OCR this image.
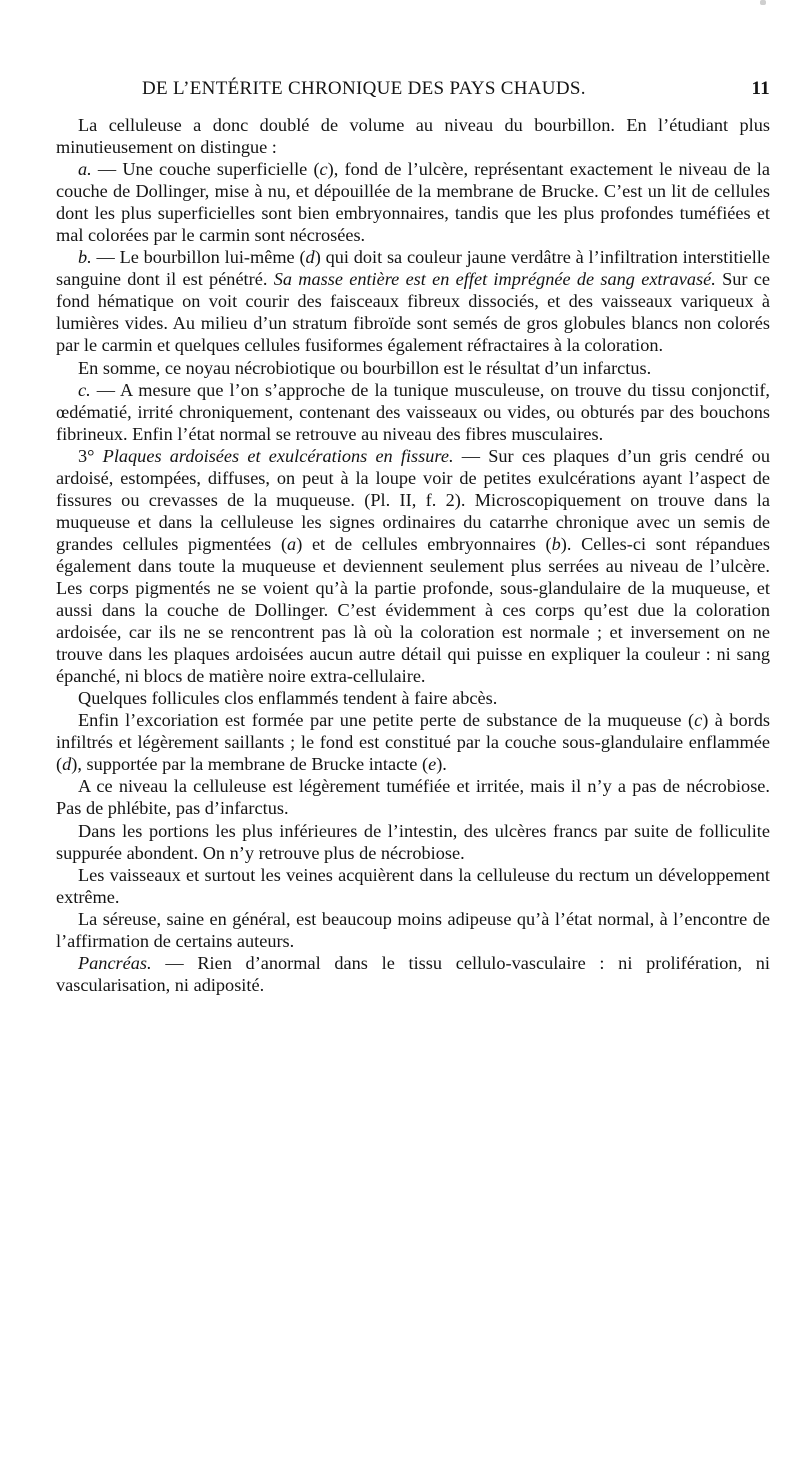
DE L’ENTÉRITE CHRONIQUE DES PAYS CHAUDS.	11

La celluleuse a donc doublé de volume au niveau du bourbillon. En l’étudiant plus minutieusement on distingue :

a. — Une couche superficielle (c), fond de l’ulcère, représentant exactement le niveau de la couche de Dollinger, mise à nu, et dépouillée de la membrane de Brucke. C’est un lit de cellules dont les plus superficielles sont bien embryonnaires, tandis que les plus profondes tuméfiées et mal colorées par le carmin sont nécrosées.

b. — Le bourbillon lui-même (d) qui doit sa couleur jaune verdâtre à l’infiltration interstitielle sanguine dont il est pénétré. Sa masse entière est en effet imprégnée de sang extravasé. Sur ce fond hématique on voit courir des faisceaux fibreux dissociés, et des vaisseaux variqueux à lumières vides. Au milieu d’un stratum fibroïde sont semés de gros globules blancs non colorés par le carmin et quelques cellules fusiformes également réfractaires à la coloration.

En somme, ce noyau nécrobiotique ou bourbillon est le résultat d’un infarctus.

c. — A mesure que l’on s’approche de la tunique musculeuse, on trouve du tissu conjonctif, œdématié, irrité chroniquement, contenant des vaisseaux ou vides, ou obturés par des bouchons fibrineux. Enfin l’état normal se retrouve au niveau des fibres musculaires.

3° Plaques ardoisées et exulcérations en fissure. — Sur ces plaques d’un gris cendré ou ardoisé, estompées, diffuses, on peut à la loupe voir de petites exulcérations ayant l’aspect de fissures ou crevasses de la muqueuse. (Pl. II, f. 2). Microscopiquement on trouve dans la muqueuse et dans la celluleuse les signes ordinaires du catarrhe chronique avec un semis de grandes cellules pigmentées (a) et de cellules embryonnaires (b). Celles-ci sont répandues également dans toute la muqueuse et deviennent seulement plus serrées au niveau de l’ulcère. Les corps pigmentés ne se voient qu’à la partie profonde, sous-glandulaire de la muqueuse, et aussi dans la couche de Dollinger. C’est évidemment à ces corps qu’est due la coloration ardoisée, car ils ne se rencontrent pas là où la coloration est normale ; et inversement on ne trouve dans les plaques ardoisées aucun autre détail qui puisse en expliquer la couleur : ni sang épanché, ni blocs de matière noire extra-cellulaire.

Quelques follicules clos enflammés tendent à faire abcès.

Enfin l’excoriation est formée par une petite perte de substance de la muqueuse (c) à bords infiltrés et légèrement saillants ; le fond est constitué par la couche sous-glandulaire enflammée (d), supportée par la membrane de Brucke intacte (e).

A ce niveau la celluleuse est légèrement tuméfiée et irritée, mais il n’y a pas de nécrobiose. Pas de phlébite, pas d’infarctus.

Dans les portions les plus inférieures de l’intestin, des ulcères francs par suite de folliculite suppurée abondent. On n’y retrouve plus de nécrobiose.

Les vaisseaux et surtout les veines acquièrent dans la celluleuse du rectum un développement extrême.

La séreuse, saine en général, est beaucoup moins adipeuse qu’à l’état normal, à l’encontre de l’affirmation de certains auteurs.

Pancréas. — Rien d’anormal dans le tissu cellulo-vasculaire : ni prolifération, ni vascularisation, ni adiposité.
